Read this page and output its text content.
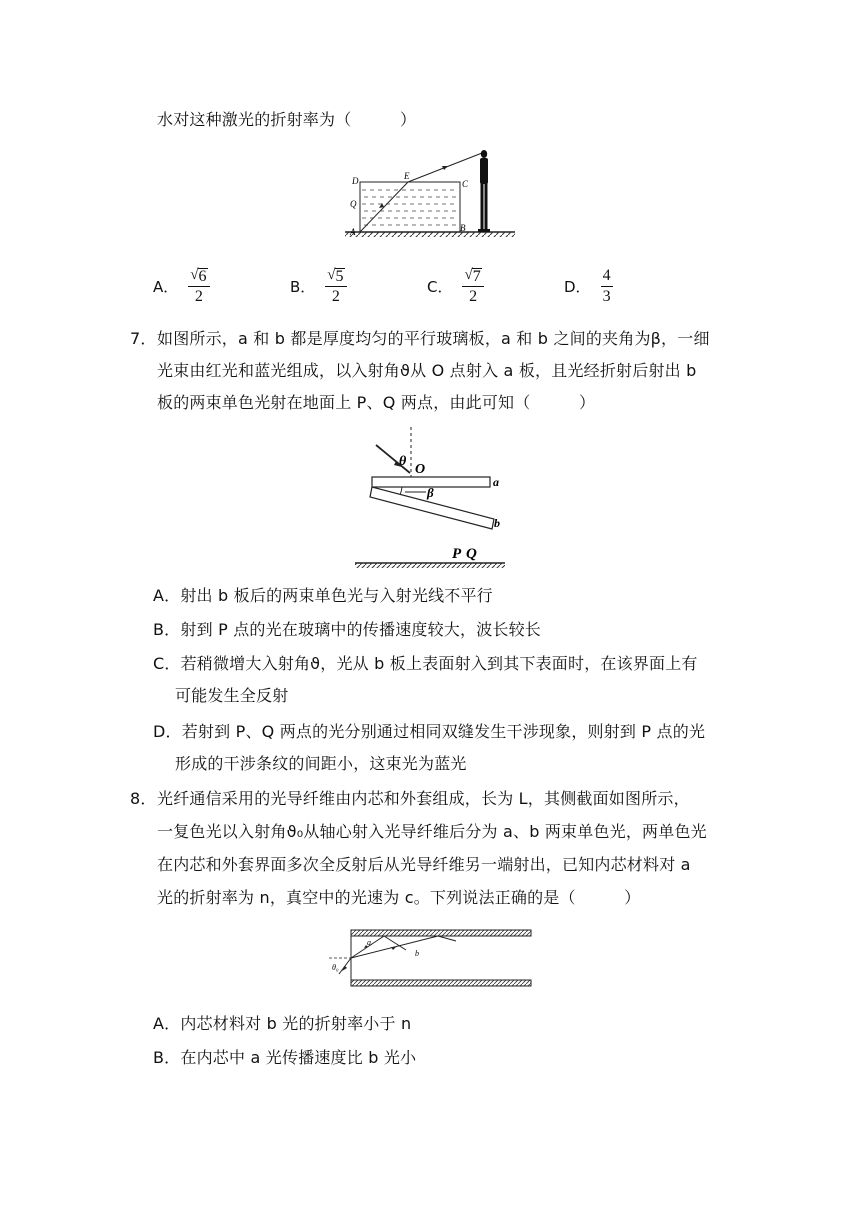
水对这种激光的折射率为（　　　）
D	E
C
Q
A	B
A． $\frac{√ 6}{2}$	B． $\frac{√ 5}{2}$	C． $\frac{√ 7}{2}$	D． $\frac{4}{3}$
7． 如图所示，a 和 b 都是厚度均匀的平行玻璃板，a 和 b 之间的夹角为β，一细
光束由红光和蓝光组成，以入射角ϑ从 O 点射入 a 板，且光经折射后射出 b
板的两束单色光射在地面上 P、Q 两点，由此可知（　　　）
θ
O
β
a
b
P Q
A．射出 b 板后的两束单色光与入射光线不平行
B．射到 P 点的光在玻璃中的传播速度较大，波长较长
C．若稍微增大入射角ϑ，光从 b 板上表面射入到其下表面时，在该界面上有
可能发生全反射
D．若射到 P、Q 两点的光分别通过相同双缝发生干涉现象，则射到 P 点的光
形成的干涉条纹的间距小，这束光为蓝光
8． 光纤通信采用的光导纤维由内芯和外套组成，长为 L，其侧截面如图所示，
一复色光以入射角ϑ₀从轴心射入光导纤维后分为 a、b 两束单色光，两单色光
在内芯和外套界面多次全反射后从光导纤维另一端射出，已知内芯材料对 a
光的折射率为 n，真空中的光速为 c。下列说法正确的是（　　　）
a
b
θ₀
A．内芯材料对 b 光的折射率小于 n
B．在内芯中 a 光传播速度比 b 光小
